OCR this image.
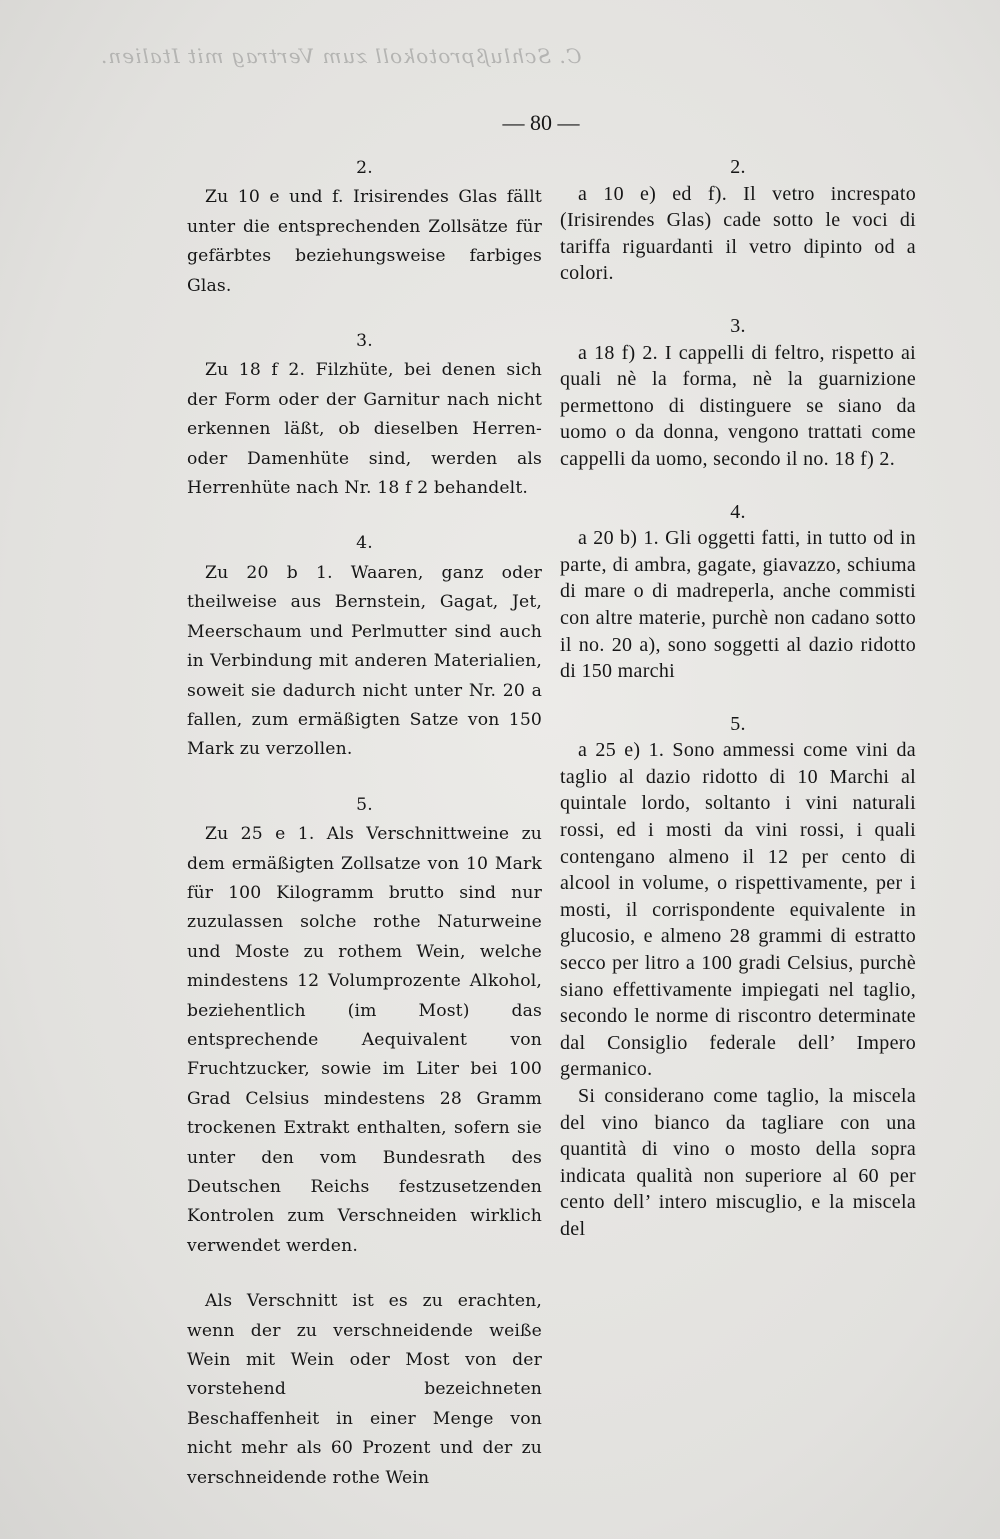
C. Schlußprotokoll zum Vertrag mit Italien.
— 80 —

2.

Zu 10 e und f. Irisirendes Glas fällt unter die entsprechenden Zollsätze für gefärbtes beziehungsweise farbiges Glas.

3.

Zu 18 f 2. Filzhüte, bei denen sich der Form oder der Garnitur nach nicht erkennen läßt, ob dieselben Herren- oder Damenhüte sind, werden als Herrenhüte nach Nr. 18 f 2 behandelt.

4.

Zu 20 b 1. Waaren, ganz oder theilweise aus Bernstein, Gagat, Jet, Meerschaum und Perlmutter sind auch in Verbindung mit anderen Materialien, soweit sie dadurch nicht unter Nr. 20 a fallen, zum ermäßigten Satze von 150 Mark zu verzollen.

5.

Zu 25 e 1. Als Verschnittweine zu dem ermäßigten Zollsatze von 10 Mark für 100 Kilogramm brutto sind nur zuzulassen solche rothe Naturweine und Moste zu rothem Wein, welche mindestens 12 Volumprozente Alkohol, beziehentlich (im Most) das entsprechende Aequivalent von Fruchtzucker, sowie im Liter bei 100 Grad Celsius mindestens 28 Gramm trockenen Extrakt enthalten, sofern sie unter den vom Bundesrath des Deutschen Reichs festzusetzenden Kontrolen zum Verschneiden wirklich verwendet werden.

Als Verschnitt ist es zu erachten, wenn der zu verschneidende weiße Wein mit Wein oder Most von der vorstehend bezeichneten Beschaffenheit in einer Menge von nicht mehr als 60 Prozent und der zu verschneidende rothe Wein

2.

a 10 e) ed f). Il vetro increspato (Irisirendes Glas) cade sotto le voci di tariffa riguardanti il vetro dipinto od a colori.

3.

a 18 f) 2. I cappelli di feltro, rispetto ai quali nè la forma, nè la guarnizione permettono di distinguere se siano da uomo o da donna, vengono trattati come cappelli da uomo, secondo il no. 18 f) 2.

4.

a 20 b) 1. Gli oggetti fatti, in tutto od in parte, di ambra, gagate, giavazzo, schiuma di mare o di madreperla, anche commisti con altre materie, purchè non cadano sotto il no. 20 a), sono soggetti al dazio ridotto di 150 marchi

5.

a 25 e) 1. Sono ammessi come vini da taglio al dazio ridotto di 10 Marchi al quintale lordo, soltanto i vini naturali rossi, ed i mosti da vini rossi, i quali contengano almeno il 12 per cento di alcool in volume, o rispettivamente, per i mosti, il corrispondente equivalente in glucosio, e almeno 28 grammi di estratto secco per litro a 100 gradi Celsius, purchè siano effettivamente impiegati nel taglio, secondo le norme di riscontro determinate dal Consiglio federale dell’ Impero germanico.

Si considerano come taglio, la miscela del vino bianco da tagliare con una quantità di vino o mosto della sopra indicata qualità non superiore al 60 per cento dell’ intero miscuglio, e la miscela del
